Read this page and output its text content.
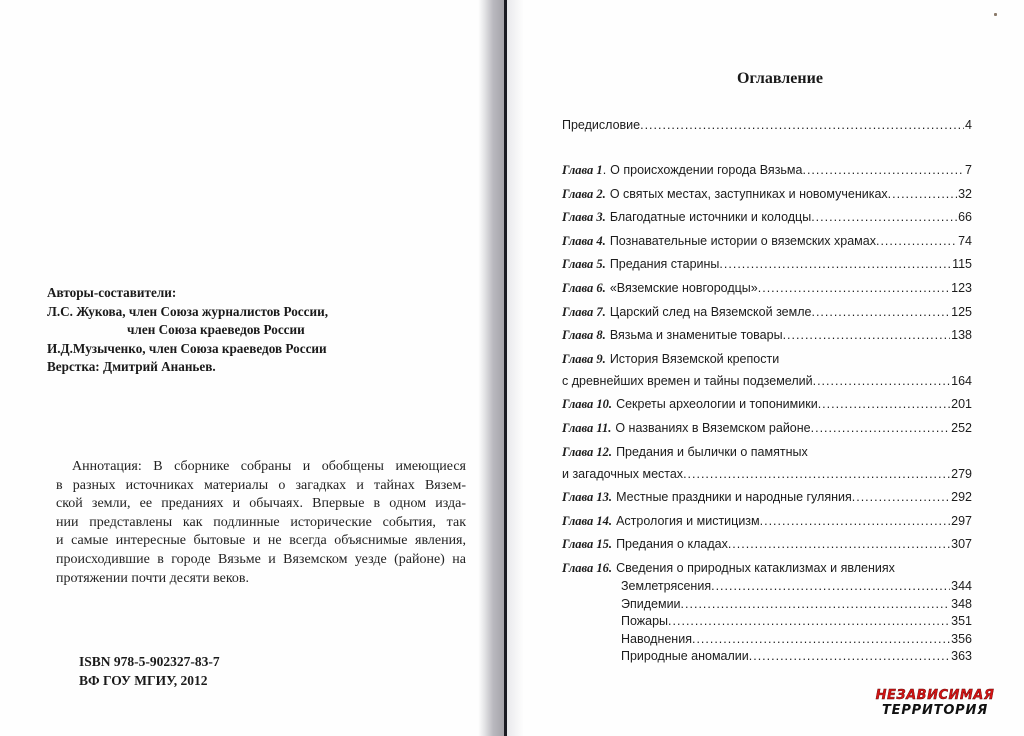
Авторы-составители:
Л.С. Жукова, член Союза журналистов России,
член Союза краеведов России
И.Д.Музыченко, член Союза краеведов России
Верстка: Дмитрий Ананьев.
Аннотация: В сборнике собраны и обобщены имеющиеся
в разных источниках материалы о загадках и тайнах Вязем-
ской земли, ее преданиях и обычаях. Впервые в одном изда-
нии представлены как подлинные исторические события, так
и самые интересные бытовые и не всегда объяснимые явления,
происходившие в городе Вязьме и Вяземском уезде (районе) на
протяжении почти десяти веков.
ISBN 978-5-902327-83-7
ВФ ГОУ МГИУ, 2012
Оглавление
Предисловие .....	4
Глава 1 . О происхождении города Вязьма .....	7
Глава 2. О святых местах, заступниках и новомучениках .....	32
Глава 3. Благодатные источники и колодцы .....	66
Глава 4. Познавательные истории о вяземских храмах .....	74
Глава 5. Предания старины .....	115
Глава 6. «Вяземские новгородцы» .....	123
Глава 7. Царский след на Вяземской земле .....	125
Глава 8. Вязьма и знаменитые товары .....	138
Глава 9. История Вяземской крепости
с древнейших времен и тайны подземелий .....	164
Глава 10. Секреты археологии и топонимики .....	201
Глава 11. О названиях в Вяземском районе .....	252
Глава 12. Предания и былички о памятных
и загадочных местах .....	279
Глава 13. Местные праздники и народные гуляния .....	292
Глава 14. Астрология и мистицизм .....	297
Глава 15. Предания о кладах .....	307
Глава 16. Сведения о природных катаклизмах и явлениях
Землетрясения .....	344
Эпидемии .....	348
Пожары .....	351
Наводнения .....	356
Природные аномалии .....	363
НЕЗАВИСИМАЯ
ТЕРРИТОРИЯ
